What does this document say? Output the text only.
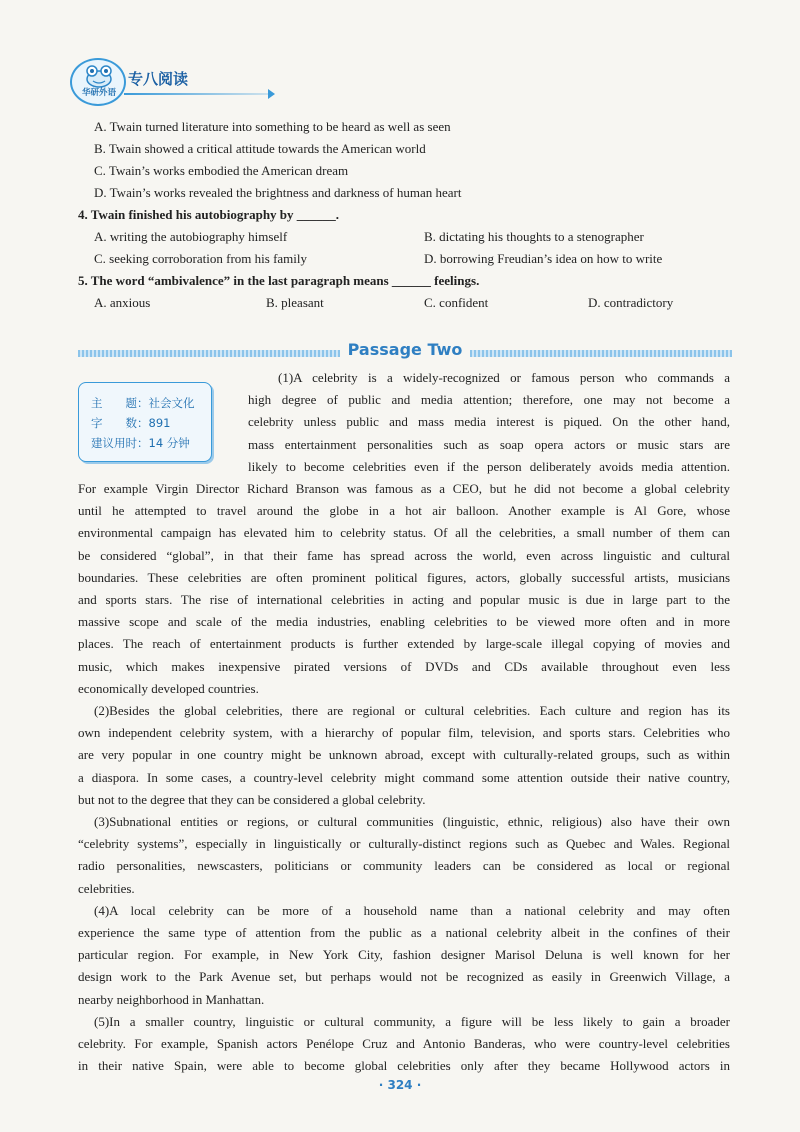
华研外语
专八阅读
A. Twain turned literature into something to be heard as well as seen
B. Twain showed a critical attitude towards the American world
C. Twain’s works embodied the American dream
D. Twain’s works revealed the brightness and darkness of human heart
4. Twain finished his autobiography by ______.
A. writing the autobiography himself	B. dictating his thoughts to a stenographer
C. seeking corroboration from his family	D. borrowing Freudian’s idea on how to write
5. The word “ambivalence” in the last paragraph means ______ feelings.
A. anxious	B. pleasant	C. confident	D. contradictory
Passage Two
主　　题：社会文化
字　　数：891
建议用时：14 分钟
(1)A celebrity is a widely-recognized or famous person who commands a
high degree of public and media attention; therefore, one may not become a
celebrity unless public and mass media interest is piqued. On the other hand,
mass entertainment personalities such as soap opera actors or music stars are
likely to become celebrities even if the person deliberately avoids media attention.
For example Virgin Director Richard Branson was famous as a CEO, but he did not become a global celebrity
until he attempted to travel around the globe in a hot air balloon. Another example is Al Gore, whose
environmental campaign has elevated him to celebrity status. Of all the celebrities, a small number of them can
be considered “global”, in that their fame has spread across the world, even across linguistic and cultural
boundaries. These celebrities are often prominent political figures, actors, globally successful artists, musicians
and sports stars. The rise of international celebrities in acting and popular music is due in large part to the
massive scope and scale of the media industries, enabling celebrities to be viewed more often and in more
places. The reach of entertainment products is further extended by large-scale illegal copying of movies and
music, which makes inexpensive pirated versions of DVDs and CDs available throughout even less
economically developed countries.
(2)Besides the global celebrities, there are regional or cultural celebrities. Each culture and region has its
own independent celebrity system, with a hierarchy of popular film, television, and sports stars. Celebrities who
are very popular in one country might be unknown abroad, except with culturally-related groups, such as within
a diaspora. In some cases, a country-level celebrity might command some attention outside their native country,
but not to the degree that they can be considered a global celebrity.
(3)Subnational entities or regions, or cultural communities (linguistic, ethnic, religious) also have their own
“celebrity systems”, especially in linguistically or culturally-distinct regions such as Quebec and Wales. Regional
radio personalities, newscasters, politicians or community leaders can be considered as local or regional
celebrities.
(4)A local celebrity can be more of a household name than a national celebrity and may often
experience the same type of attention from the public as a national celebrity albeit in the confines of their
particular region. For example, in New York City, fashion designer Marisol Deluna is well known for her
design work to the Park Avenue set, but perhaps would not be recognized as easily in Greenwich Village, a
nearby neighborhood in Manhattan.
(5)In a smaller country, linguistic or cultural community, a figure will be less likely to gain a broader
celebrity. For example, Spanish actors Penélope Cruz and Antonio Banderas, who were country-level celebrities
in their native Spain, were able to become global celebrities only after they became Hollywood actors in
· 324 ·
